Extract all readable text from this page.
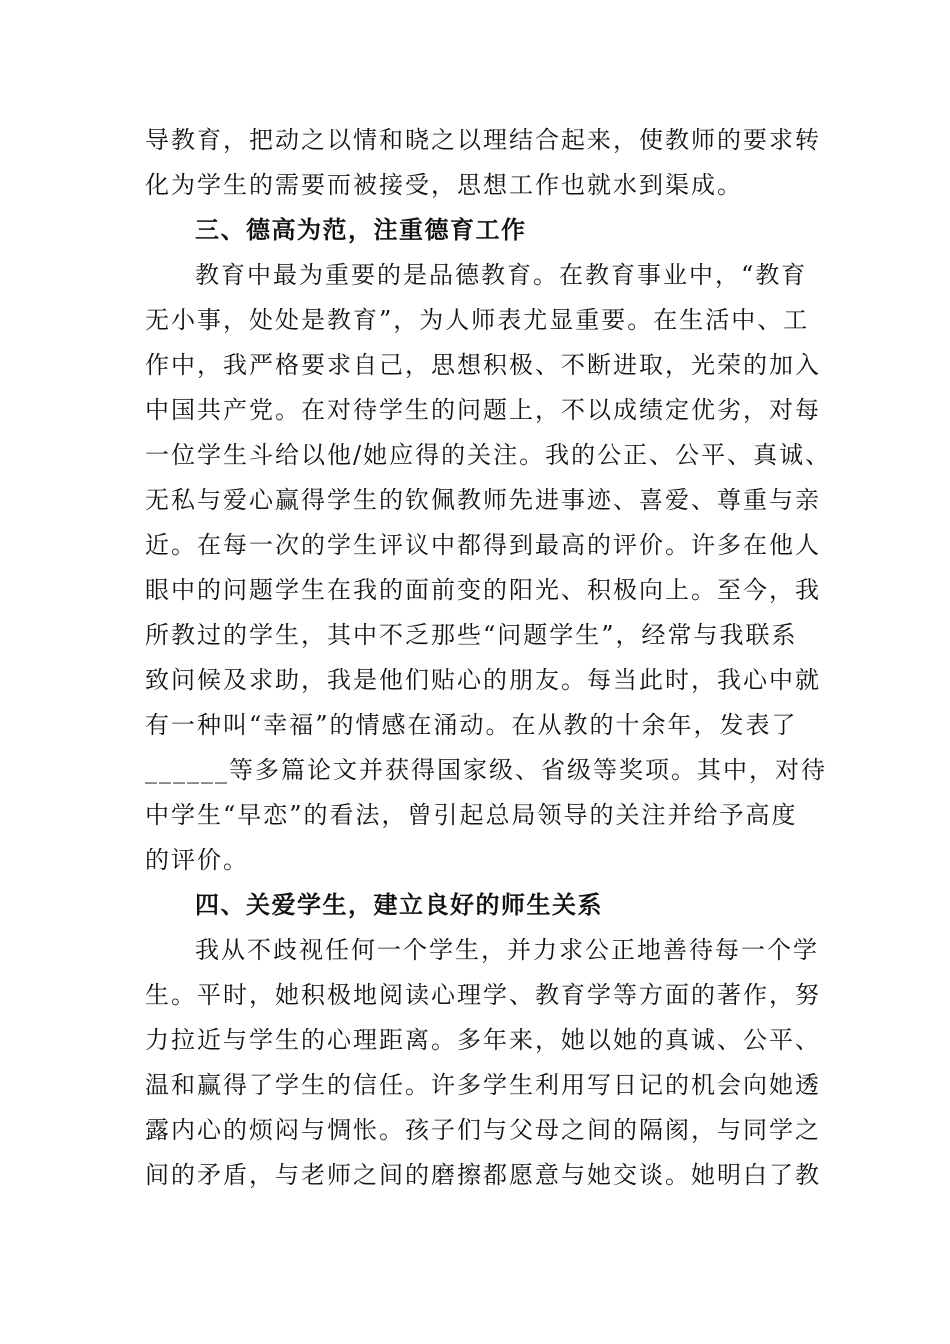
导教育，把动之以情和晓之以理结合起来，使教师的要求转
化为学生的需要而被接受，思想工作也就水到渠成。
三、德高为范，注重德育工作
教育中最为重要的是品德教育。在教育事业中，“教育
无小事，处处是教育”，为人师表尤显重要。在生活中、工
作中，我严格要求自己，思想积极、不断进取，光荣的加入
中国共产党。在对待学生的问题上，不以成绩定优劣，对每
一位学生斗给以他/她应得的关注。我的公正、公平、真诚、
无私与爱心赢得学生的钦佩教师先进事迹、喜爱、尊重与亲
近。在每一次的学生评议中都得到最高的评价。许多在他人
眼中的问题学生在我的面前变的阳光、积极向上。至今，我
所教过的学生，其中不乏那些“问题学生”，经常与我联系
致问候及求助，我是他们贴心的朋友。每当此时，我心中就
有一种叫“幸福”的情感在涌动。在从教的十余年，发表了
______等多篇论文并获得国家级、省级等奖项。其中，对待
中学生“早恋”的看法，曾引起总局领导的关注并给予高度
的评价。
四、关爱学生，建立良好的师生关系
我从不歧视任何一个学生，并力求公正地善待每一个学
生。平时，她积极地阅读心理学、教育学等方面的著作，努
力拉近与学生的心理距离。多年来，她以她的真诚、公平、
温和赢得了学生的信任。许多学生利用写日记的机会向她透
露内心的烦闷与惆怅。孩子们与父母之间的隔阂，与同学之
间的矛盾，与老师之间的磨擦都愿意与她交谈。她明白了教
